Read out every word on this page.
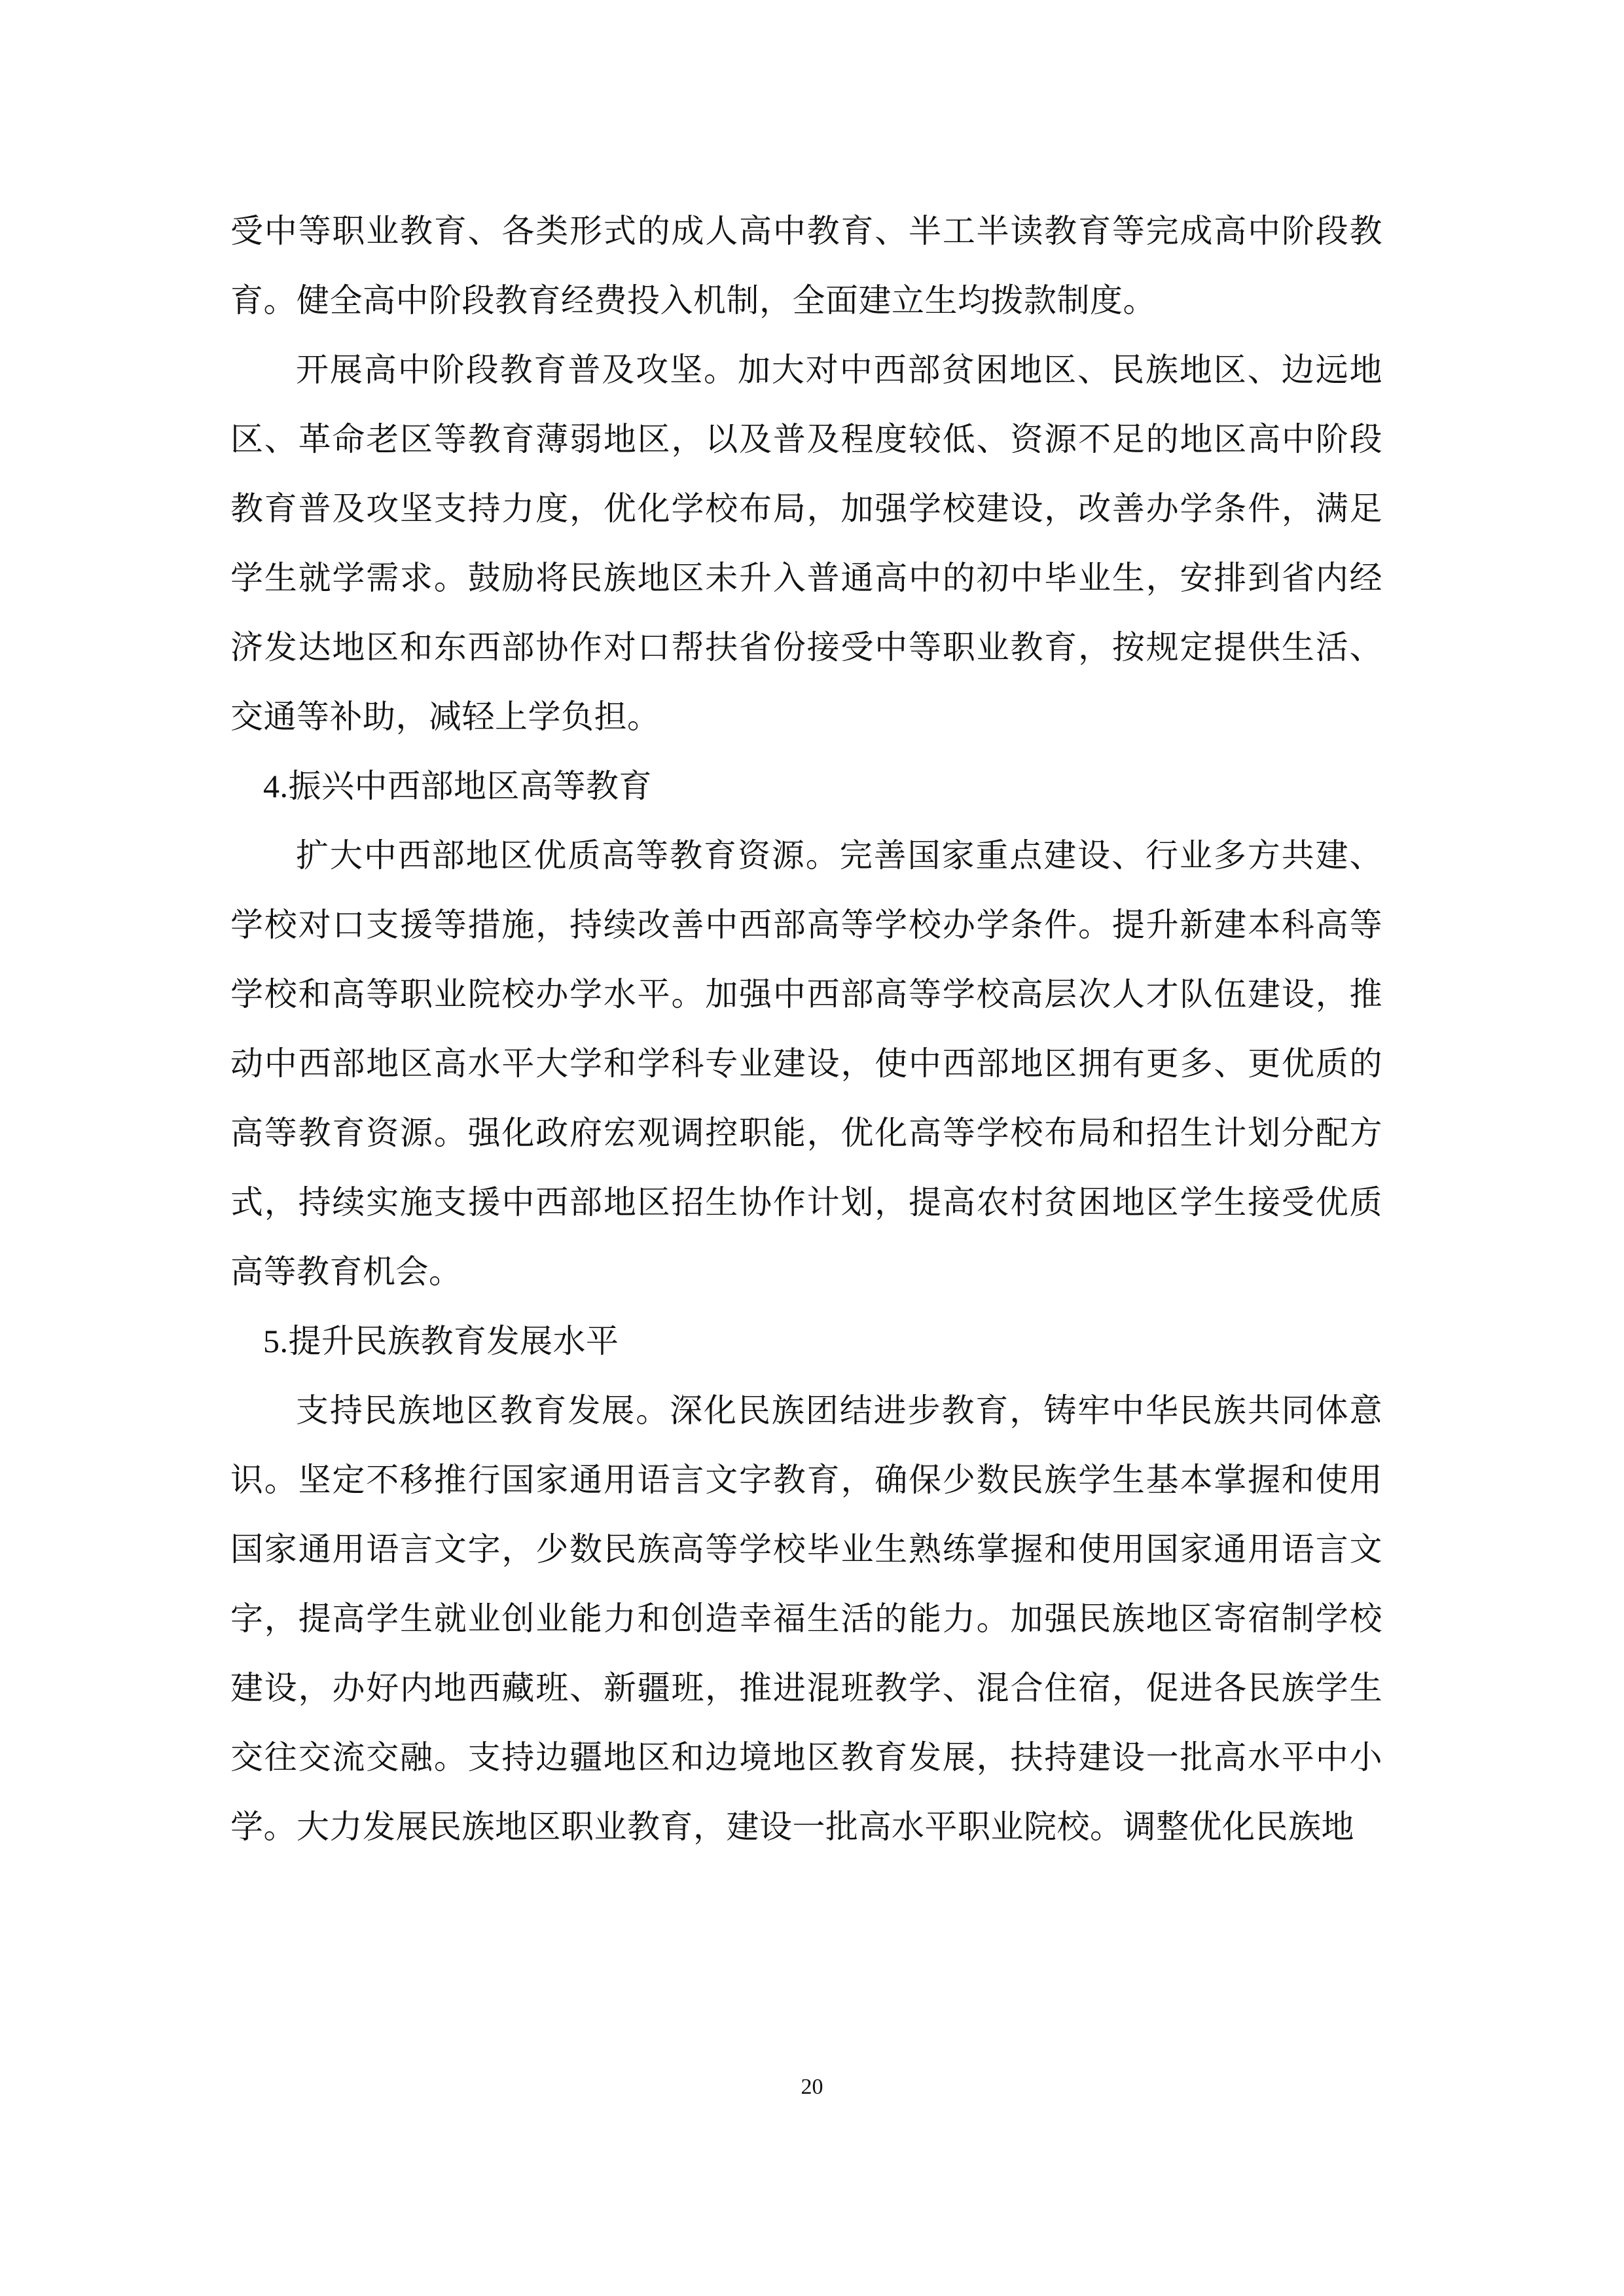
受中等职业教育、各类形式的成人高中教育、半工半读教育等完成高中阶段教育。健全高中阶段教育经费投入机制，全面建立生均拨款制度。

开展高中阶段教育普及攻坚。加大对中西部贫困地区、民族地区、边远地区、革命老区等教育薄弱地区，以及普及程度较低、资源不足的地区高中阶段教育普及攻坚支持力度，优化学校布局，加强学校建设，改善办学条件，满足学生就学需求。鼓励将民族地区未升入普通高中的初中毕业生，安排到省内经济发达地区和东西部协作对口帮扶省份接受中等职业教育，按规定提供生活、交通等补助，减轻上学负担。

4.振兴中西部地区高等教育

扩大中西部地区优质高等教育资源。完善国家重点建设、行业多方共建、学校对口支援等措施，持续改善中西部高等学校办学条件。提升新建本科高等学校和高等职业院校办学水平。加强中西部高等学校高层次人才队伍建设，推动中西部地区高水平大学和学科专业建设，使中西部地区拥有更多、更优质的高等教育资源。强化政府宏观调控职能，优化高等学校布局和招生计划分配方式，持续实施支援中西部地区招生协作计划，提高农村贫困地区学生接受优质高等教育机会。

5.提升民族教育发展水平

支持民族地区教育发展。深化民族团结进步教育，铸牢中华民族共同体意识。坚定不移推行国家通用语言文字教育，确保少数民族学生基本掌握和使用国家通用语言文字，少数民族高等学校毕业生熟练掌握和使用国家通用语言文字，提高学生就业创业能力和创造幸福生活的能力。加强民族地区寄宿制学校建设，办好内地西藏班、新疆班，推进混班教学、混合住宿，促进各民族学生交往交流交融。支持边疆地区和边境地区教育发展，扶持建设一批高水平中小学。大力发展民族地区职业教育，建设一批高水平职业院校。调整优化民族地

20
